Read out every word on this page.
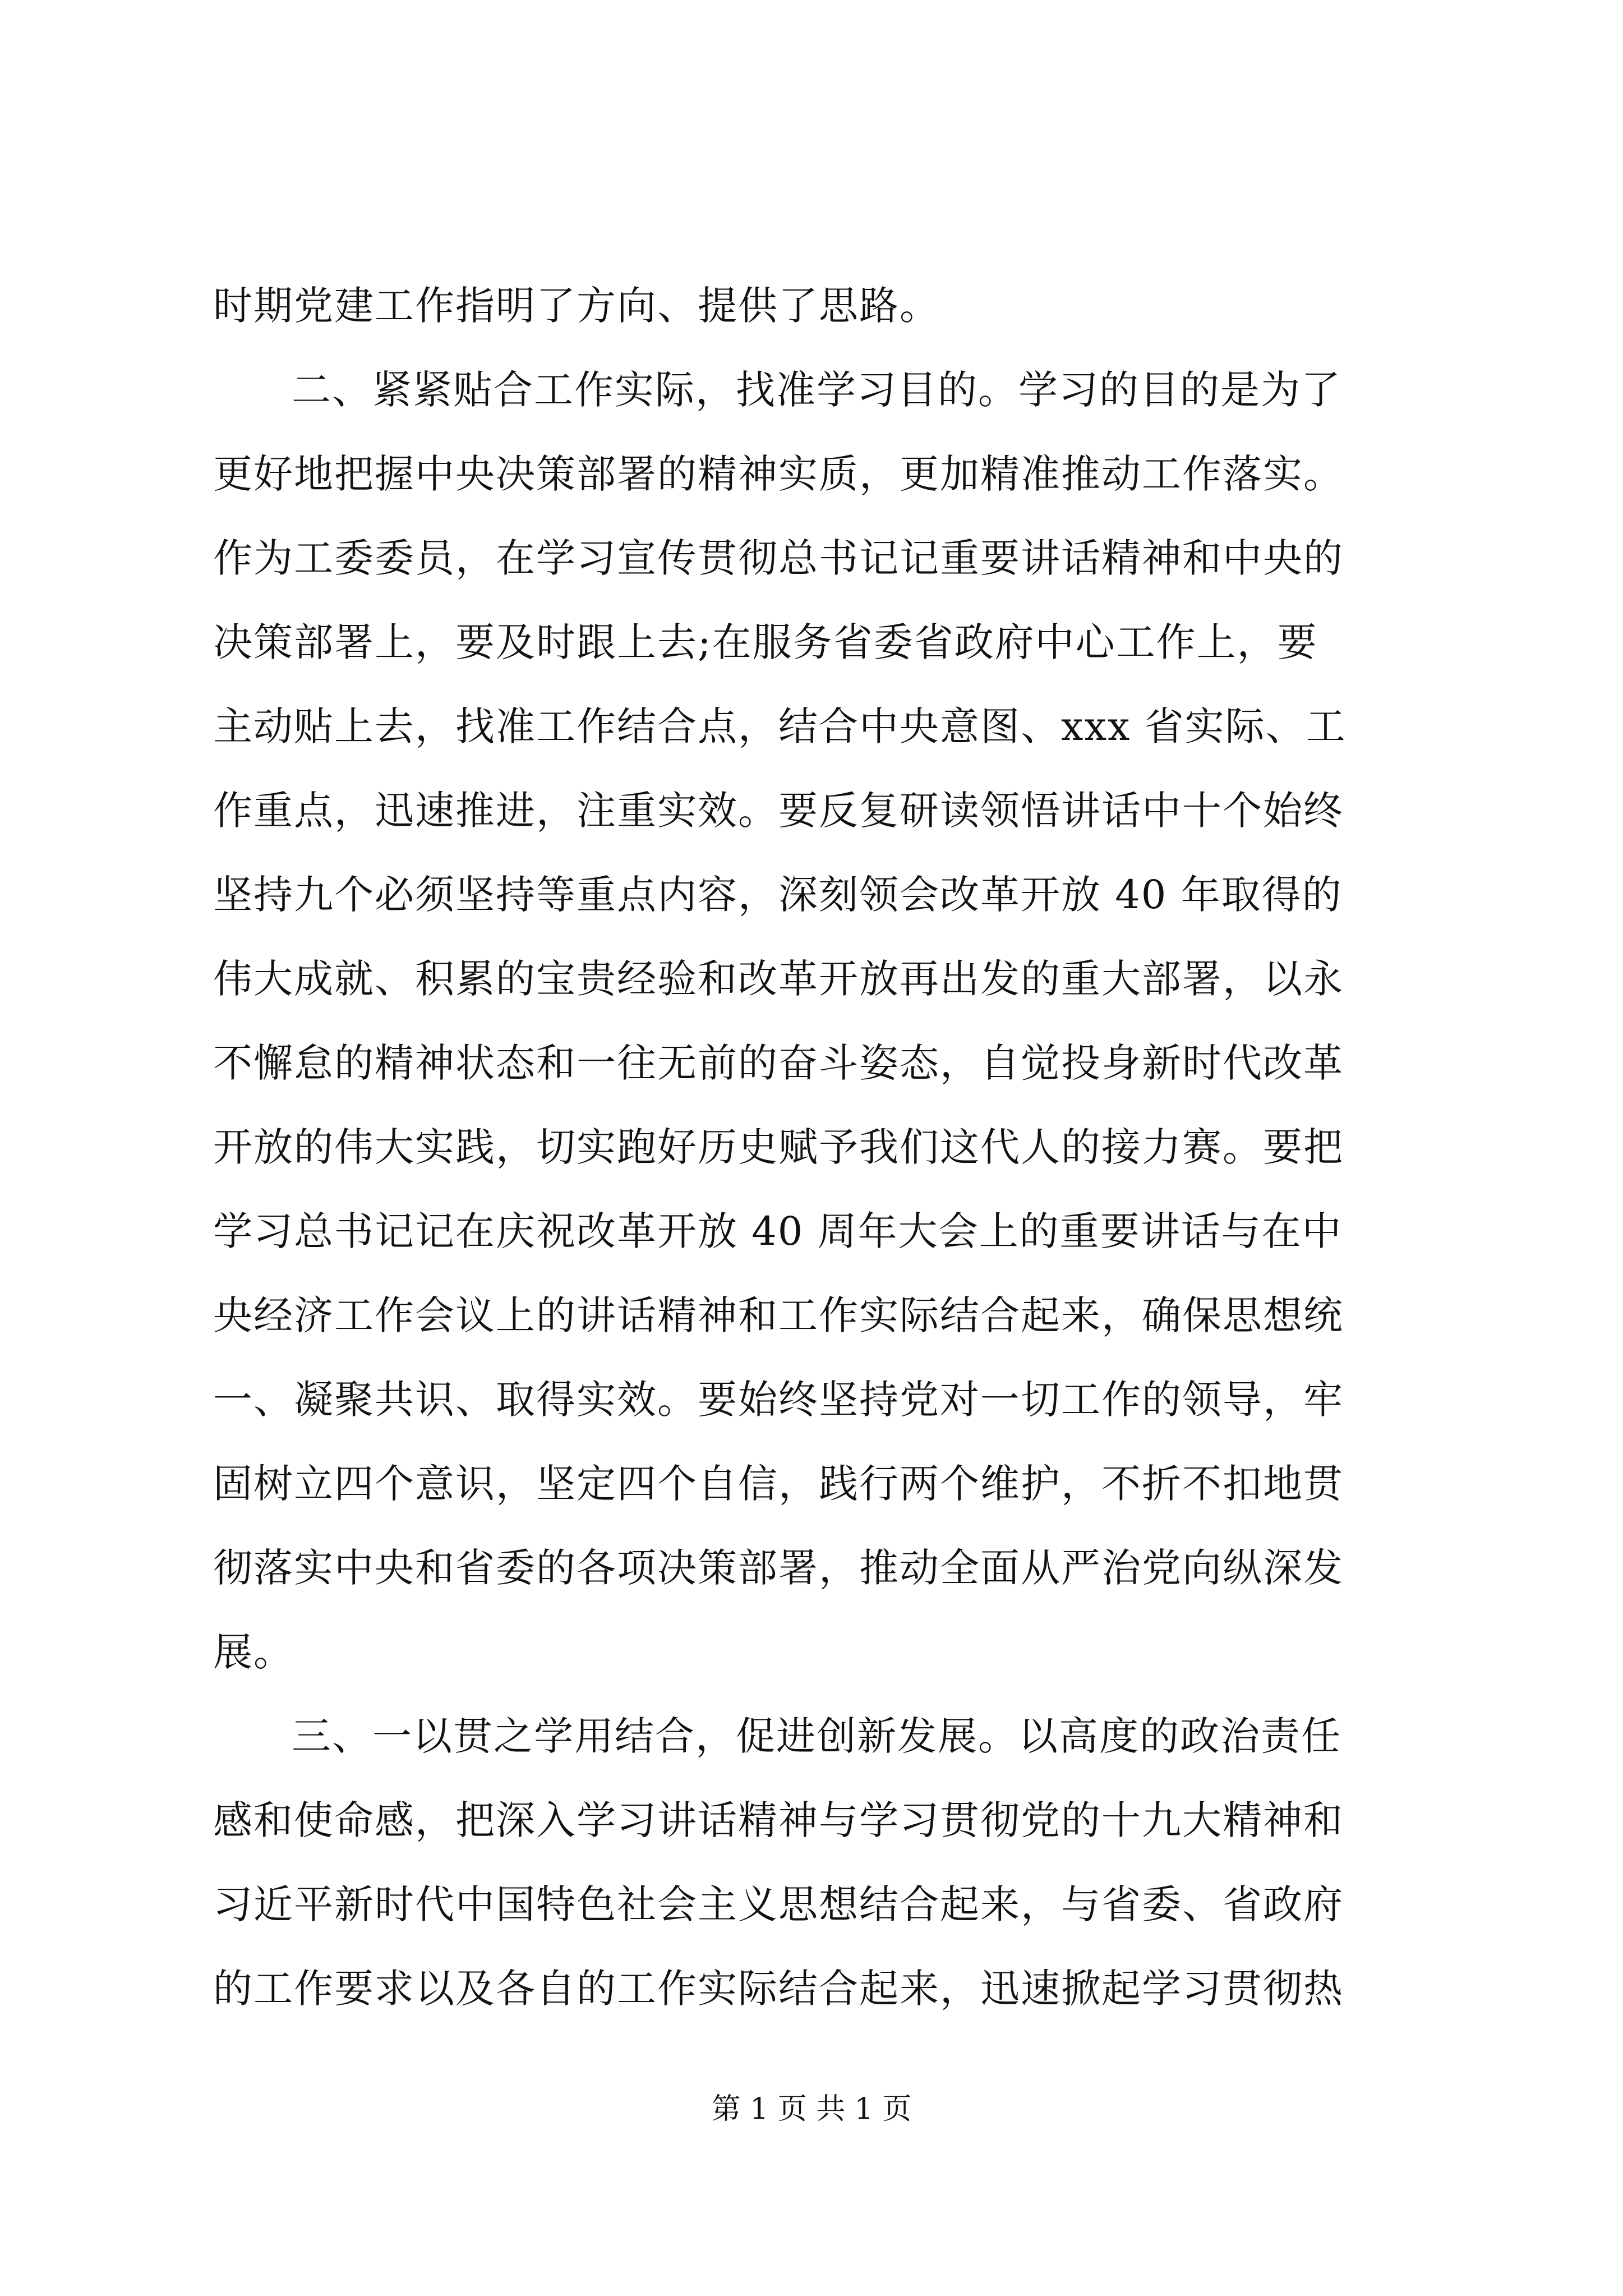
时期党建工作指明了方向、提供了思路。
二、紧紧贴合工作实际，找准学习目的。学习的目的是为了
更好地把握中央决策部署的精神实质，更加精准推动工作落实。
作为工委委员，在学习宣传贯彻总书记记重要讲话精神和中央的
决策部署上，要及时跟上去;在服务省委省政府中心工作上，要
主动贴上去，找准工作结合点，结合中央意图、xxx 省实际、工
作重点，迅速推进，注重实效。要反复研读领悟讲话中十个始终
坚持九个必须坚持等重点内容，深刻领会改革开放 40 年取得的
伟大成就、积累的宝贵经验和改革开放再出发的重大部署，以永
不懈怠的精神状态和一往无前的奋斗姿态，自觉投身新时代改革
开放的伟大实践，切实跑好历史赋予我们这代人的接力赛。要把
学习总书记记在庆祝改革开放 40 周年大会上的重要讲话与在中
央经济工作会议上的讲话精神和工作实际结合起来，确保思想统
一、凝聚共识、取得实效。要始终坚持党对一切工作的领导，牢
固树立四个意识，坚定四个自信，践行两个维护，不折不扣地贯
彻落实中央和省委的各项决策部署，推动全面从严治党向纵深发
展。
三、一以贯之学用结合，促进创新发展。以高度的政治责任
感和使命感，把深入学习讲话精神与学习贯彻党的十九大精神和
习近平新时代中国特色社会主义思想结合起来，与省委、省政府
的工作要求以及各自的工作实际结合起来，迅速掀起学习贯彻热
第 1 页 共 1 页
